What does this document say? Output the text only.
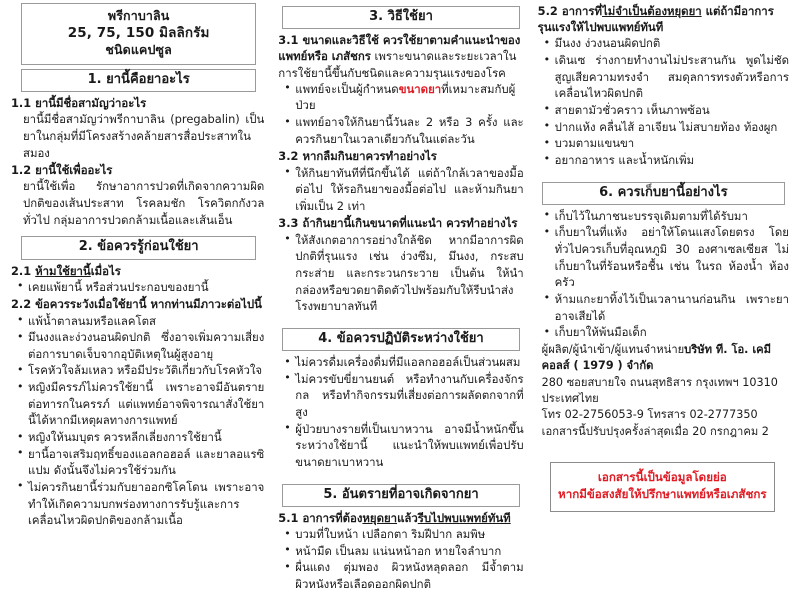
พรีกาบาลิน
25, 75, 150 มิลลิกรัม
ชนิดแคปซูล
1. ยานี้คือยาอะไร
1.1 ยานี้มีชื่อสามัญว่าอะไร
ยานี้มีชื่อสามัญว่าพรีกาบาลิน (pregabalin) เป็นยาในกลุ่มที่มีโครงสร้างคล้ายสารสื่อประสาทในสมอง
1.2 ยานี้ใช้เพื่ออะไร
ยานี้ใช้เพื่อ รักษาอาการปวดที่เกิดจากความผิดปกติของเส้นประสาท โรคลมชัก โรควิตกกังวลทั่วไป กลุ่มอาการปวดกล้ามเนื้อและเส้นเอ็น
2. ข้อควรรู้ก่อนใช้ยา
2.1 ห้ามใช้ยานี้เมื่อไร
• เคยแพ้ยานี้ หรือส่วนประกอบของยานี้
2.2 ข้อควรระวังเมื่อใช้ยานี้ หากท่านมีภาวะต่อไปนี้
• แพ้น้ำตาลนมหรือแลคโตส
• มึนงงและง่วงนอนผิดปกติ ซึ่งอาจเพิ่มความเสี่ยงต่อการบาดเจ็บจากอุบัติเหตุในผู้สูงอายุ
• โรคหัวใจล้มเหลว หรือมีประวัติเกี่ยวกับโรคหัวใจ
• หญิงมีครรภ์ไม่ควรใช้ยานี้ เพราะอาจมีอันตรายต่อทารกในครรภ์ แต่แพทย์อาจพิจารณาสั่งใช้ยานี้ได้หากมีเหตุผลทางการแพทย์
• หญิงให้นมบุตร ควรหลีกเลี่ยงการใช้ยานี้
• ยานี้อาจเสริมฤทธิ์ของแอลกอฮอล์ และยาลอแรซิแปม ดังนั้นจึงไม่ควรใช้ร่วมกัน
• ไม่ควรกินยานี้ร่วมกับยาออกซิโคโดน เพราะอาจทำให้เกิดความบกพร่องทางการรับรู้และการเคลื่อนไหวผิดปกติของกล้ามเนื้อ
3. วิธีใช้ยา
3.1 ขนาดและวิธีใช้ ควรใช้ยาตามคำแนะนำของแพทย์หรือ เภสัชกร เพราะขนาดและระยะเวลาในการใช้ยานี้ขึ้นกับชนิดและความรุนแรงของโรค
• แพทย์จะเป็นผู้กำหนดขนาดยาที่เหมาะสมกับผู้ป่วย
• แพทย์อาจให้กินยานี้วันละ 2 หรือ 3 ครั้ง และควรกินยาในเวลาเดียวกันในแต่ละวัน
3.2 หากลืมกินยาควรทำอย่างไร
• ให้กินยาทันทีที่นึกขึ้นได้ แต่ถ้าใกล้เวลาของมื้อต่อไป ให้รอกินยาของมื้อต่อไป และห้ามกินยาเพิ่มเป็น 2 เท่า
3.3 ถ้ากินยานี้เกินขนาดที่แนะนำ ควรทำอย่างไร
• ให้สังเกตอาการอย่างใกล้ชิด หากมีอาการผิดปกติที่รุนแรง เช่น ง่วงซึม, มึนงง, กระสบกระส่าย และกระวนกระวาย เป็นต้น ให้นำกล่องหรือขวดยาติดตัวไปพร้อมกับให้รีบนำส่งโรงพยาบาลทันที
4. ข้อควรปฏิบัติระหว่างใช้ยา
• ไม่ควรดื่มเครื่องดื่มที่มีแอลกอฮอล์เป็นส่วนผสม
• ไม่ควรขับขี่ยานยนต์ หรือทำงานกับเครื่องจักรกล หรือทำกิจกรรมที่เสี่ยงต่อการผลัดตกจากที่สูง
• ผู้ป่วยบางรายที่เป็นเบาหวาน อาจมีน้ำหนักขึ้นระหว่างใช้ยานี้ แนะนำให้พบแพทย์เพื่อปรับขนาดยาเบาหวาน
5. อันตรายที่อาจเกิดจากยา
5.1 อาการที่ต้องหยุดยาแล้วรีบไปพบแพทย์ทันที
• บวมที่ใบหน้า เปลือกตา ริมฝีปาก ลมพิษ
• หน้ามืด เป็นลม แน่นหน้าอก หายใจลำบาก
• ผื่นแดง ตุ่มพอง ผิวหนังหลุดลอก มีจ้ำตามผิวหนังหรือเลือดออกผิดปกติ
5.2 อาการที่ไม่จำเป็นต้องหยุดยา แต่ถ้ามีอาการรุนแรงให้ไปพบแพทย์ทันที
• มึนงง ง่วงนอนผิดปกติ
• เดินเซ ร่างกายทำงานไม่ประสานกัน พูดไม่ชัด สูญเสียความทรงจำ สมดุลการทรงตัวหรือการเคลื่อนไหวผิดปกติ
• สายตามัวชั่วคราว เห็นภาพซ้อน
• ปากแห้ง คลื่นไส้ อาเจียน ไม่สบายท้อง ท้องผูก
• บวมตามแขนขา
• อยากอาหาร และน้ำหนักเพิ่ม
6. ควรเก็บยานี้อย่างไร
• เก็บไว้ในภาชนะบรรจุเดิมตามที่ได้รับมา
• เก็บยาในที่แห้ง อย่าให้โดนแสงโดยตรง โดยทั่วไปควรเก็บที่อุณหภูมิ 30 องศาเซลเซียส ไม่เก็บยาในที่ร้อนหรือชื้น เช่น ในรถ ห้องน้ำ ห้องครัว
• ห้ามแกะยาทิ้งไว้เป็นเวลานานก่อนกิน เพราะยาอาจเสียได้
• เก็บยาให้พ้นมือเด็ก
ผู้ผลิต/ผู้นำเข้า/ผู้แทนจำหน่ายบริษัท ที. โอ. เคมี
คอลส์ ( 1979 ) จำกัด
280 ซอยสบายใจ ถนนสุทธิสาร กรุงเทพฯ 10310
ประเทศไทย
โทร 02-2756053-9 โทรสาร 02-2777350
เอกสารนี้ปรับปรุงครั้งล่าสุดเมื่อ 20 กรกฎาคม 2
เอกสารนี้เป็นข้อมูลโดยย่อ
หากมีข้อสงสัยให้ปรึกษาแพทย์หรือเภสัชกร
